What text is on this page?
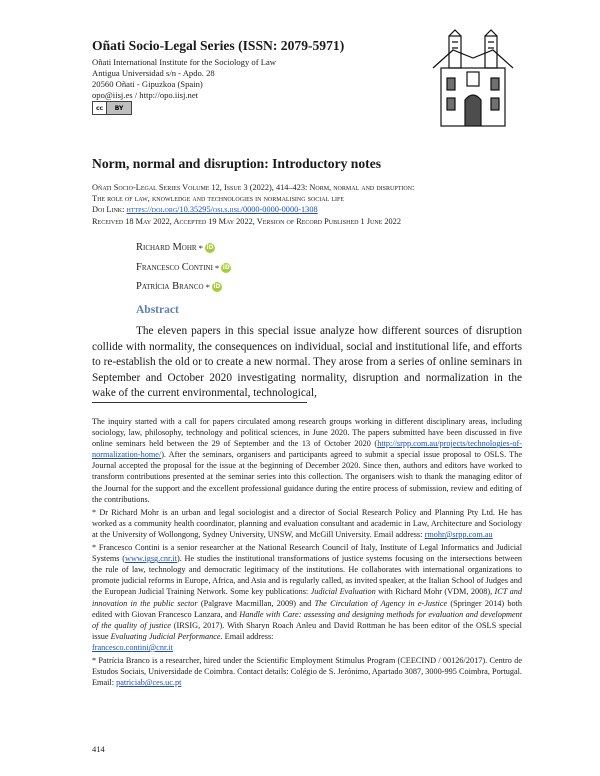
Oñati Socio-Legal Series (ISSN: 2079-5971)
Oñati International Institute for the Sociology of Law
Antigua Universidad s/n - Apdo. 28
20560 Oñati - Gipuzkoa (Spain)
opo@iisj.es / http://opo.iisj.net
cc	BY
Norm, normal and disruption: Introductory notes
Oñati Socio-Legal Series Volume 12, Issue 3 (2022), 414–423: Norm, normal and disruption:
The role of law, knowledge and technologies in normalising social life
Doi Link: https://doi.org/10.35295/osls.iisl/0000-0000-0000-1308
Received 18 May 2022, Accepted 19 May 2022, Version of Record Published 1 June 2022
Richard Mohr * iD
Francesco Contini * iD
Patrícia Branco * iD
Abstract
The eleven papers in this special issue analyze how different sources of disruption collide with normality, the consequences on individual, social and institutional life, and efforts to re-establish the old or to create a new normal. They arose from a series of online seminars in September and October 2020 investigating normality, disruption and normalization in the wake of the current environmental, technological,

The inquiry started with a call for papers circulated among research groups working in different disciplinary areas, including sociology, law, philosophy, technology and political sciences, in June 2020. The papers submitted have been discussed in five online seminars held between the 29 of September and the 13 of October 2020 (http://srpp.com.au/projects/technologies-of-normalization-home/). After the seminars, organisers and participants agreed to submit a special issue proposal to OSLS. The Journal accepted the proposal for the issue at the beginning of December 2020. Since then, authors and editors have worked to transform contributions presented at the seminar series into this collection. The organisers wish to thank the managing editor of the Journal for the support and the excellent professional guidance during the entire process of submission, review and editing of the contributions.

* Dr Richard Mohr is an urban and legal sociologist and a director of Social Research Policy and Planning Pty Ltd. He has worked as a community health coordinator, planning and evaluation consultant and academic in Law, Architecture and Sociology at the University of Wollongong, Sydney University, UNSW, and McGill University. Email address: rmohr@srpp.com.au

* Francesco Contini is a senior researcher at the National Research Council of Italy, Institute of Legal Informatics and Judicial Systems (www.igsg.cnr.it). He studies the institutional transformations of justice systems focusing on the intersections between the rule of law, technology and democratic legitimacy of the institutions. He collaborates with international organizations to promote judicial reforms in Europe, Africa, and Asia and is regularly called, as invited speaker, at the Italian School of Judges and the European Judicial Training Network. Some key publications: Judicial Evaluation with Richard Mohr (VDM, 2008), ICT and innovation in the public sector (Palgrave Macmillan, 2009) and The Circulation of Agency in e-Justice (Springer 2014) both edited with Giovan Francesco Lanzara, and Handle with Care: assessing and designing methods for evaluation and development of the quality of justice (IRSIG, 2017). With Sharyn Roach Anleu and David Rottman he has been editor of the OSLS special issue Evaluating Judicial Performance. Email address:
francesco.contini@cnr.it

* Patrícia Branco is a researcher, hired under the Scientific Employment Stimulus Program (CEECIND / 00126/2017). Centro de Estudos Sociais, Universidade de Coimbra. Contact details: Colégio de S. Jerónimo, Apartado 3087, 3000-995 Coimbra, Portugal. Email: patriciab@ces.uc.pt

414
